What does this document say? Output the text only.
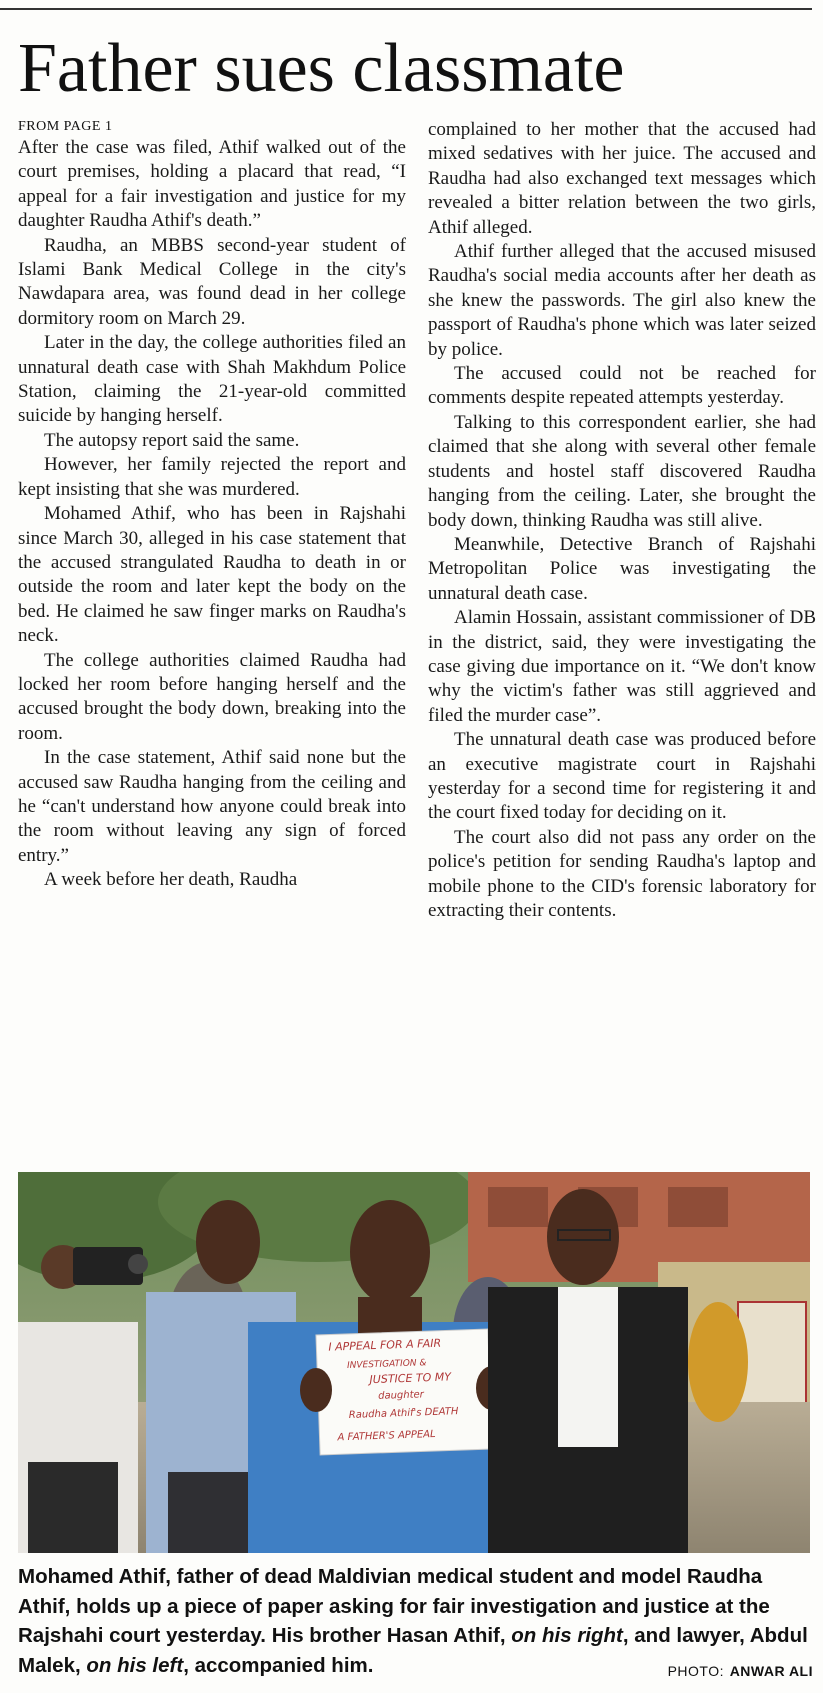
Father sues classmate
FROM PAGE 1

After the case was filed, Athif walked out of the court premises, holding a placard that read, “I appeal for a fair investigation and justice for my daughter Raudha Athif's death.”

Raudha, an MBBS second-year student of Islami Bank Medical College in the city's Nawdapara area, was found dead in her college dormitory room on March 29.

Later in the day, the college authorities filed an unnatural death case with Shah Makhdum Police Station, claiming the 21-year-old committed suicide by hanging herself.

The autopsy report said the same.

However, her family rejected the report and kept insisting that she was murdered.

Mohamed Athif, who has been in Rajshahi since March 30, alleged in his case statement that the accused strangulated Raudha to death in or outside the room and later kept the body on the bed. He claimed he saw finger marks on Raudha's neck.

The college authorities claimed Raudha had locked her room before hanging herself and the accused brought the body down, breaking into the room.

In the case statement, Athif said none but the accused saw Raudha hanging from the ceiling and he “can't understand how anyone could break into the room without leaving any sign of forced entry.”

A week before her death, Raudha

complained to her mother that the accused had mixed sedatives with her juice. The accused and Raudha had also exchanged text messages which revealed a bitter relation between the two girls, Athif alleged.

Athif further alleged that the accused misused Raudha's social media accounts after her death as she knew the passwords. The girl also knew the passport of Raudha's phone which was later seized by police.

The accused could not be reached for comments despite repeated attempts yesterday.

Talking to this correspondent earlier, she had claimed that she along with several other female students and hostel staff discovered Raudha hanging from the ceiling. Later, she brought the body down, thinking Raudha was still alive.

Meanwhile, Detective Branch of Rajshahi Metropolitan Police was investigating the unnatural death case.

Alamin Hossain, assistant commissioner of DB in the district, said, they were investigating the case giving due importance on it. “We don't know why the victim's father was still aggrieved and filed the murder case”.

The unnatural death case was produced before an executive magistrate court in Rajshahi yesterday for a second time for registering it and the court fixed today for deciding on it.

The court also did not pass any order on the police's petition for sending Raudha's laptop and mobile phone to the CID's forensic laboratory for extracting their contents.

I APPEAL FOR A FAIR
INVESTIGATION &
JUSTICE TO MY
daughter
Raudha Athif's DEATH
A FATHER'S APPEAL
Mohamed Athif, father of dead Maldivian medical student and model Raudha Athif, holds up a piece of paper asking for fair investigation and justice at the Rajshahi court yesterday. His brother Hasan Athif, on his right, and lawyer, Abdul Malek, on his left, accompanied him.	PHOTO: ANWAR ALI
